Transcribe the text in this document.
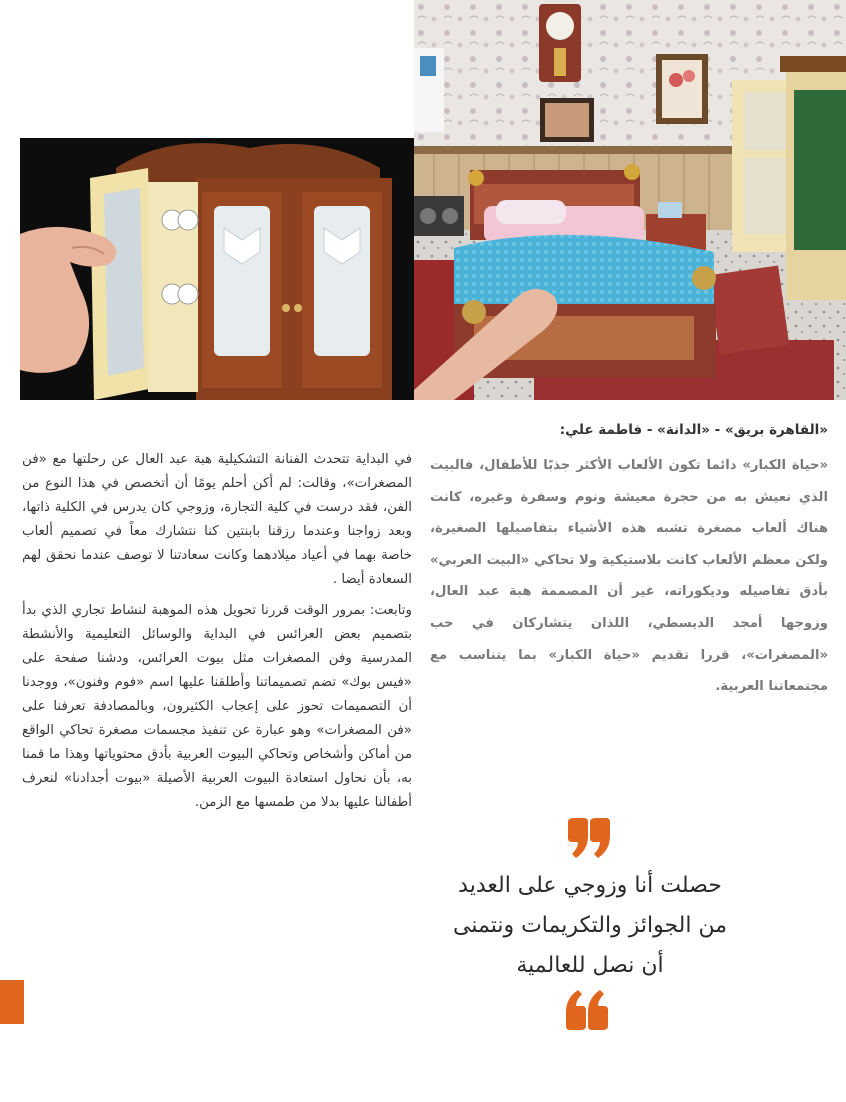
«القاهرة بريق» - «الدانة» - فاطمة علي:
«حياة الكبار» دائما تكون الألعاب الأكثر جذبًا للأطفال، فالبيت الذي نعيش به من حجرة معيشة ونوم وسفرة وغيره، كانت هناك ألعاب مصغرة تشبه هذه الأشياء بتفاصيلها الصغيرة، ولكن معظم الألعاب كانت بلاستيكية ولا تحاكي «البيت العربي» بأدق تفاصيله وديكوراته، غير أن المصممة هبة عبد العال، وزوجها أمجد الديسطي، اللذان يتشاركان في حب «المصغرات»، قررا تقديم «حياة الكبار» بما يتناسب مع مجتمعاتنا العربية.

في البداية تتحدث الفنانة التشكيلية هبة عبد العال عن رحلتها مع «فن المصغرات»، وقالت: لم أكن أحلم يومًا أن أتخصص في هذا النوع من الفن، فقد درست في كلية التجارة، وزوجي كان يدرس في الكلية ذاتها، وبعد زواجنا وعندما رزقنا بابنتين كنا نتشارك معاً في تصميم ألعاب خاصة بهما في أعياد ميلادهما وكانت سعادتنا لا توصف عندما نحقق لهم السعادة أيضا .

وتابعت: بمرور الوقت قررنا تحويل هذه الموهبة لنشاط تجاري الذي بدأ بتصميم بعض العرائس في البداية والوسائل التعليمية والأنشطة المدرسية وفن المصغرات مثل بيوت العرائس، ودشنا صفحة على «فيس بوك» تضم تصميماتنا وأطلقنا عليها اسم «فوم وفنون»، ووجدنا أن التصميمات تحوز على إعجاب الكثيرون، وبالمصادفة تعرفنا على «فن المصغرات» وهو عبارة عن تنفيذ مجسمات مصغرة تحاكي الواقع من أماكن وأشخاص وتحاكي البيوت العربية بأدق محتوياتها وهذا ما قمنا به، بأن نحاول استعادة البيوت العربية الأصيلة «بيوت أجدادنا» لنعرف أطفالنا عليها بدلا من طمسها مع الزمن.

حصلت أنا وزوجي على العديد
من الجوائز والتكريمات ونتمنى
أن نصل للعالمية
